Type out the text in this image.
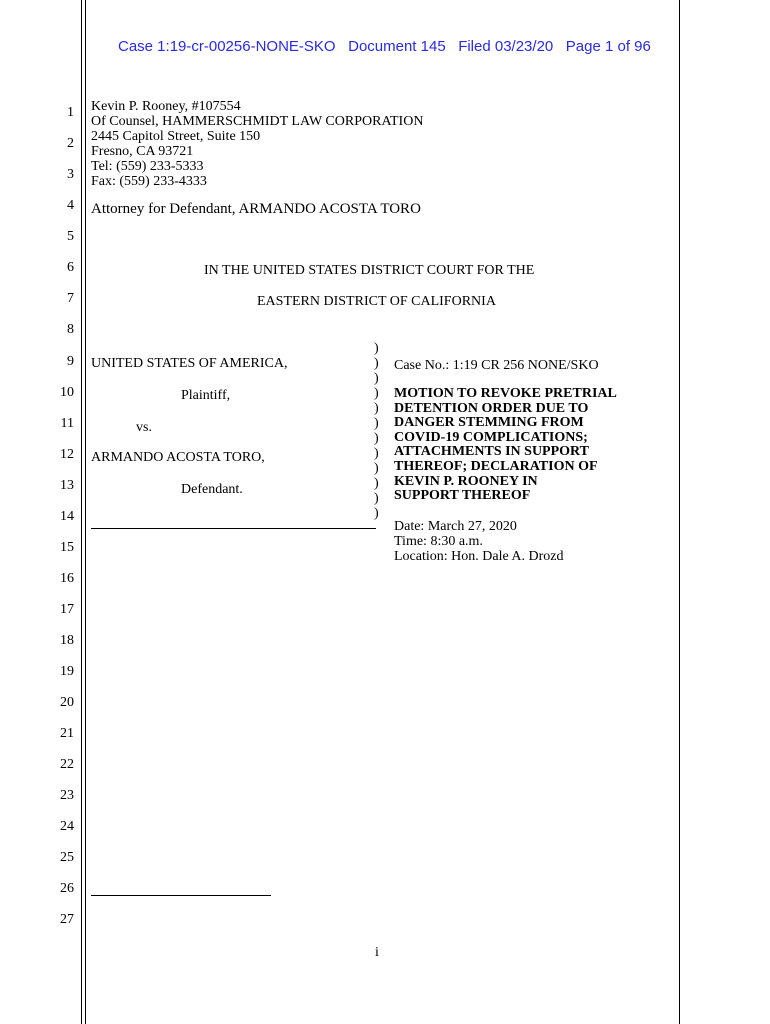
Case 1:19-cr-00256-NONE-SKO Document 145 Filed 03/23/20 Page 1 of 96
1
2
3
4
5
6
7
8
9
10
11
12
13
14
15
16
17
18
19
20
21
22
23
24
25
26
27
Kevin P. Rooney, #107554
Of Counsel, HAMMERSCHMIDT LAW CORPORATION
2445 Capitol Street, Suite 150
Fresno, CA 93721
Tel: (559) 233-5333
Fax: (559) 233-4333
Attorney for Defendant, ARMANDO ACOSTA TORO
IN THE UNITED STATES DISTRICT COURT FOR THE
EASTERN DISTRICT OF CALIFORNIA
UNITED STATES OF AMERICA,
Plaintiff,
vs.
ARMANDO ACOSTA TORO,
Defendant.
)
)
)
)
)
)
)
)
)
)
)
)
Case No.: 1:19 CR 256 NONE/SKO
MOTION TO REVOKE PRETRIAL
DETENTION ORDER DUE TO
DANGER STEMMING FROM
COVID-19 COMPLICATIONS;
ATTACHMENTS IN SUPPORT
THEREOF; DECLARATION OF
KEVIN P. ROONEY IN
SUPPORT THEREOF
Date: March 27, 2020
Time: 8:30 a.m.
Location: Hon. Dale A. Drozd
i
